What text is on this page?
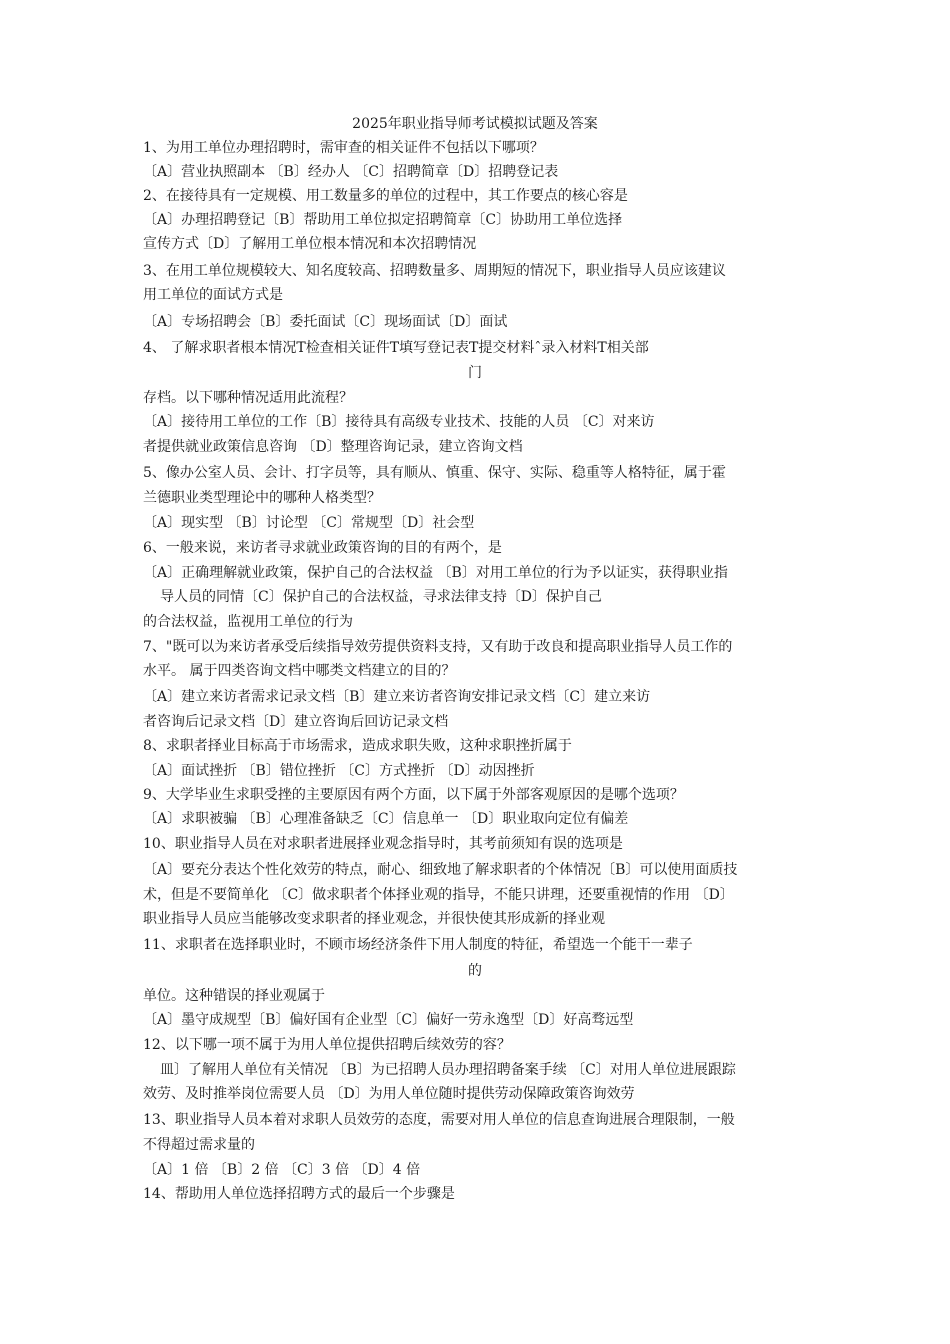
2025年职业指导师考试模拟试题及答案
1、为用工单位办理招聘时，需审查的相关证件不包括以下哪项？
〔A〕营业执照副本 〔B〕经办人 〔C〕招聘简章〔D〕招聘登记表
2、在接待具有一定规模、用工数量多的单位的过程中，其工作要点的核心容是
〔A〕办理招聘登记〔B〕帮助用工单位拟定招聘简章〔C〕协助用工单位选择
宣传方式〔D〕了解用工单位根本情况和本次招聘情况
3、在用工单位规模较大、知名度较高、招聘数量多、周期短的情况下，职业指导人员应该建议
用工单位的面试方式是
〔A〕专场招聘会〔B〕委托面试〔C〕现场面试〔D〕面试
4、 了解求职者根本情况T检查相关证件T填写登记表T提交材料ˆ录入材料T相关部
门
存档。以下哪种情况适用此流程？
〔A〕接待用工单位的工作〔B〕接待具有高级专业技术、技能的人员 〔C〕对来访
者提供就业政策信息咨询 〔D〕整理咨询记录，建立咨询文档
5、像办公室人员、会计、打字员等，具有顺从、慎重、保守、实际、稳重等人格特征，属于霍
兰德职业类型理论中的哪种人格类型？
〔A〕现实型 〔B〕讨论型 〔C〕常规型〔D〕社会型
6、一般来说，来访者寻求就业政策咨询的目的有两个，是
〔A〕正确理解就业政策，保护自己的合法权益 〔B〕对用工单位的行为予以证实，获得职业指
导人员的同情〔C〕保护自己的合法权益，寻求法律支持〔D〕保护自己
的合法权益，监视用工单位的行为
7、"既可以为来访者承受后续指导效劳提供资料支持，又有助于改良和提高职业指导人员工作的
水平。 属于四类咨询文档中哪类文档建立的目的？
〔A〕建立来访者需求记录文档〔B〕建立来访者咨询安排记录文档〔C〕建立来访
者咨询后记录文档〔D〕建立咨询后回访记录文档
8、求职者择业目标高于市场需求，造成求职失败，这种求职挫折属于
〔A〕面试挫折 〔B〕错位挫折 〔C〕方式挫折 〔D〕动因挫折
9、大学毕业生求职受挫的主要原因有两个方面，以下属于外部客观原因的是哪个选项？
〔A〕求职被骗 〔B〕心理准备缺乏〔C〕信息单一 〔D〕职业取向定位有偏差
10、职业指导人员在对求职者进展择业观念指导时，其考前须知有误的选项是
〔A〕要充分表达个性化效劳的特点，耐心、细致地了解求职者的个体情况〔B〕可以使用面质技
术，但是不要简单化 〔C〕做求职者个体择业观的指导，不能只讲理，还要重视情的作用 〔D〕
职业指导人员应当能够改变求职者的择业观念，并很快使其形成新的择业观
11、求职者在选择职业时，不顾市场经济条件下用人制度的特征，希望选一个能干一辈子
的
单位。这种错误的择业观属于
〔A〕墨守成规型〔B〕偏好国有企业型〔C〕偏好一劳永逸型〔D〕好高骛远型
12、以下哪一项不属于为用人单位提供招聘后续效劳的容？
皿〕了解用人单位有关情况 〔B〕为已招聘人员办理招聘备案手续 〔C〕对用人单位进展跟踪
效劳、及时推举岗位需要人员 〔D〕为用人单位随时提供劳动保障政策咨询效劳
13、职业指导人员本着对求职人员效劳的态度，需要对用人单位的信息查询进展合理限制，一般
不得超过需求量的
〔A〕1 倍 〔B〕2 倍 〔C〕3 倍 〔D〕4 倍
14、帮助用人单位选择招聘方式的最后一个步骤是
